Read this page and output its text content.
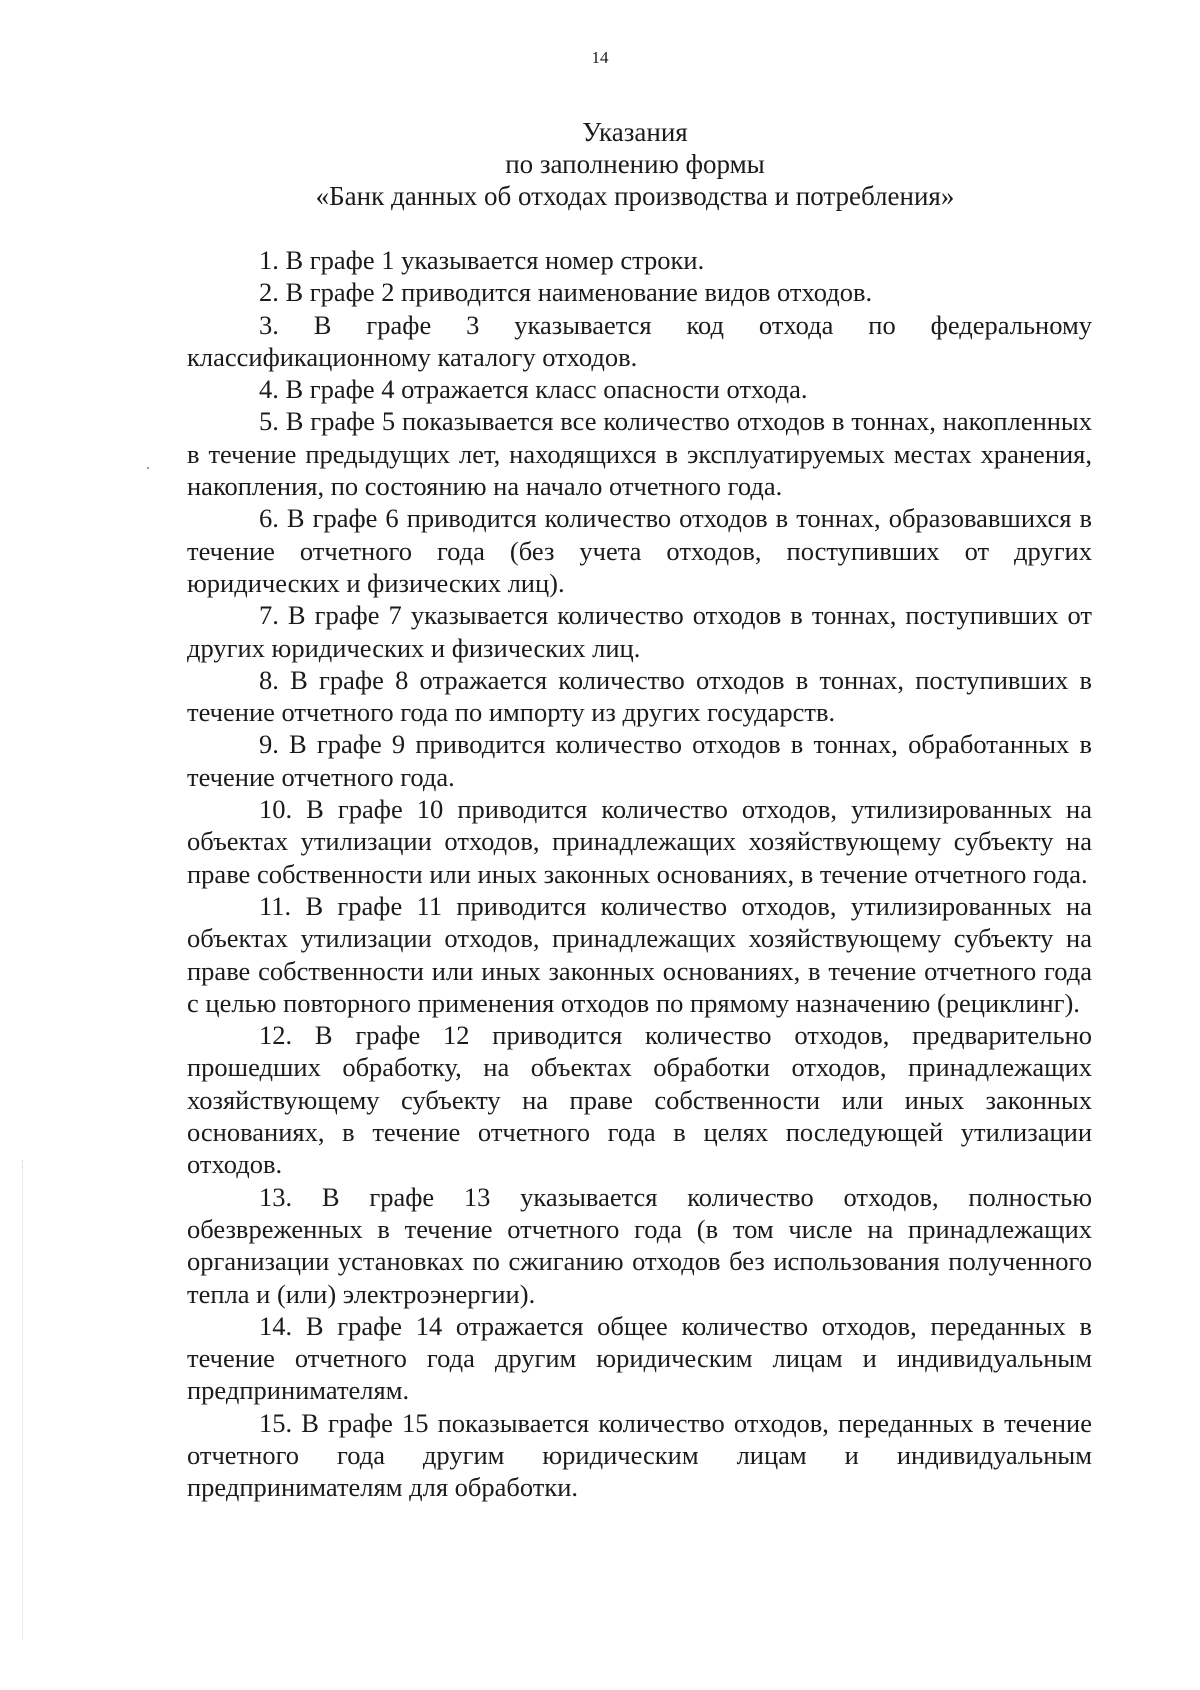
14
Указания
по заполнению формы
«Банк данных об отходах производства и потребления»

1. В графе 1 указывается номер строки.

2. В графе 2 приводится наименование видов отходов.

3. В графе 3 указывается код отхода по федеральному классификационному каталогу отходов.

4. В графе 4 отражается класс опасности отхода.

5. В графе 5 показывается все количество отходов в тоннах, накопленных в течение предыдущих лет, находящихся в эксплуатируемых местах хранения, накопления, по состоянию на начало отчетного года.

6. В графе 6 приводится количество отходов в тоннах, образовавшихся в течение отчетного года (без учета отходов, поступивших от других юридических и физических лиц).

7. В графе 7 указывается количество отходов в тоннах, поступивших от других юридических и физических лиц.

8. В графе 8 отражается количество отходов в тоннах, поступивших в течение отчетного года по импорту из других государств.

9. В графе 9 приводится количество отходов в тоннах, обработанных в течение отчетного года.

10. В графе 10 приводится количество отходов, утилизированных на объектах утилизации отходов, принадлежащих хозяйствующему субъекту на праве собственности или иных законных основаниях, в течение отчетного года.

11. В графе 11 приводится количество отходов, утилизированных на объектах утилизации отходов, принадлежащих хозяйствующему субъекту на праве собственности или иных законных основаниях, в течение отчетного года с целью повторного применения отходов по прямому назначению (рециклинг).

12. В графе 12 приводится количество отходов, предварительно прошедших обработку, на объектах обработки отходов, принадлежащих хозяйствующему субъекту на праве собственности или иных законных основаниях, в течение отчетного года в целях последующей утилизации отходов.

13. В графе 13 указывается количество отходов, полностью обезвреженных в течение отчетного года (в том числе на принадлежащих организации установках по сжиганию отходов без использования полученного тепла и (или) электроэнергии).

14. В графе 14 отражается общее количество отходов, переданных в течение отчетного года другим юридическим лицам и индивидуальным предпринимателям.

15. В графе 15 показывается количество отходов, переданных в течение отчетного года другим юридическим лицам и индивидуальным предпринимателям для обработки.
